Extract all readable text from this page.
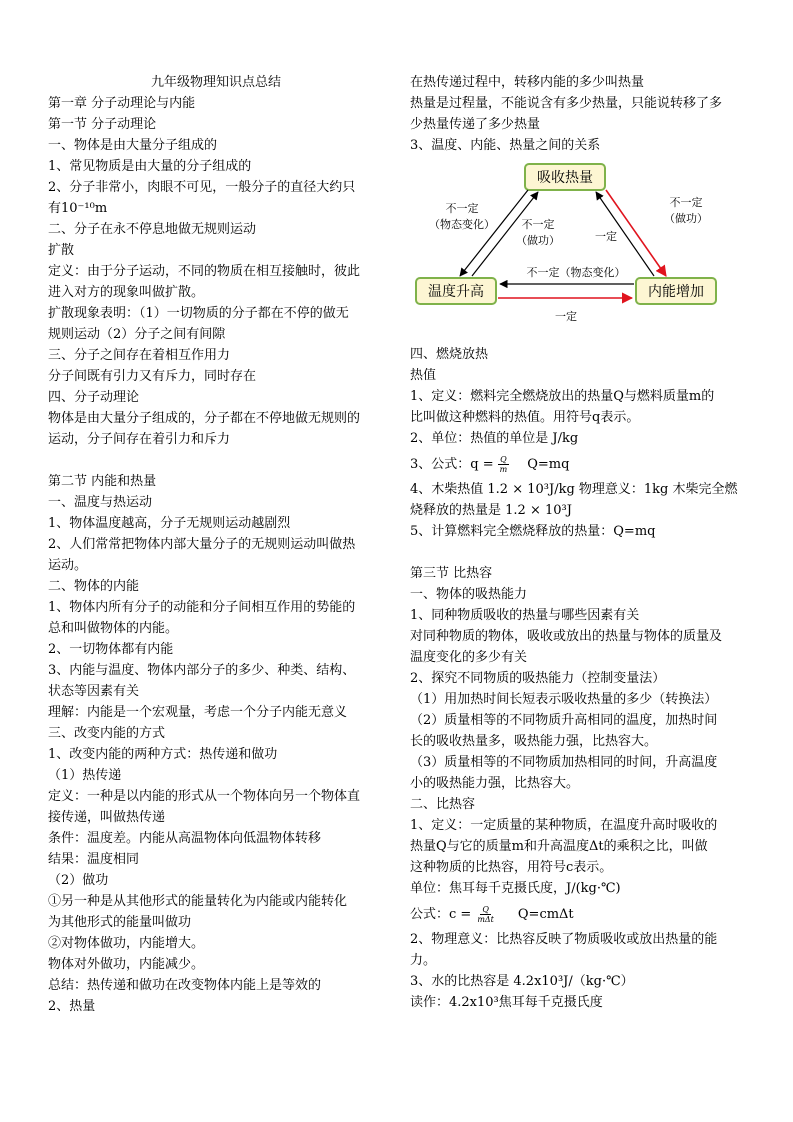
九年级物理知识点总结
第一章 分子动理论与内能
第一节 分子动理论
一、物体是由大量分子组成的
1、常见物质是由大量的分子组成的
2、分子非常小，肉眼不可见，一般分子的直径大约只
有10⁻¹⁰m
二、分子在永不停息地做无规则运动
扩散
定义：由于分子运动，不同的物质在相互接触时，彼此
进入对方的现象叫做扩散。
扩散现象表明：（1）一切物质的分子都在不停的做无
规则运动（2）分子之间有间隙
三、分子之间存在着相互作用力
分子间既有引力又有斥力，同时存在
四、分子动理论
物体是由大量分子组成的，分子都在不停地做无规则的
运动，分子间存在着引力和斥力
第二节 内能和热量
一、温度与热运动
1、物体温度越高，分子无规则运动越剧烈
2、人们常常把物体内部大量分子的无规则运动叫做热
运动。
二、物体的内能
1、物体内所有分子的动能和分子间相互作用的势能的
总和叫做物体的内能。
2、一切物体都有内能
3、内能与温度、物体内部分子的多少、种类、结构、
状态等因素有关
理解：内能是一个宏观量，考虑一个分子内能无意义
三、改变内能的方式
1、改变内能的两种方式：热传递和做功
（1）热传递
定义：一种是以内能的形式从一个物体向另一个物体直
接传递，叫做热传递
条件：温度差。内能从高温物体向低温物体转移
结果：温度相同
（2）做功
①另一种是从其他形式的能量转化为内能或内能转化
为其他形式的能量叫做功
②对物体做功，内能增大。
物体对外做功，内能减少。
总结：热传递和做功在改变物体内能上是等效的
2、热量
在热传递过程中，转移内能的多少叫热量
热量是过程量，不能说含有多少热量，只能说转移了多
少热量传递了多少热量
3、温度、内能、热量之间的关系
吸收热量
温度升高	内能增加
不一定
（物态变化） 不一定
（做功）
不一定
（做功）
一定
不一定（物态变化）
一定
四、燃烧放热
热值
1、定义：燃料完全燃烧放出的热量Q与燃料质量m的
比叫做这种燃料的热值。用符号q表示。
2、单位：热值的单位是 J/kg
3、公式：$q = \frac{Q}{m} Q=mq$
4、木柴热值 1.2 × 10³J/kg 物理意义：1kg 木柴完全燃
烧释放的热量是 1.2 × 10³J
5、计算燃料完全燃烧释放的热量：Q=mq
第三节 比热容
一、物体的吸热能力
1、同种物质吸收的热量与哪些因素有关
对同种物质的物体，吸收或放出的热量与物体的质量及
温度变化的多少有关
2、探究不同物质的吸热能力（控制变量法）
（1）用加热时间长短表示吸收热量的多少（转换法）
（2）质量相等的不同物质升高相同的温度，加热时间
长的吸收热量多，吸热能力强，比热容大。
（3）质量相等的不同物质加热相同的时间，升高温度
小的吸热能力强，比热容大。
二、比热容
1、定义：一定质量的某种物质，在温度升高时吸收的
热量Q与它的质量m和升高温度Δt的乘积之比，叫做
这种物质的比热容，用符号c表示。
单位：焦耳每千克摄氏度，J/(kg·℃)
公式：$c = \frac{Q}{\text{mΔt}} Q=cm\Delta t$
2、物理意义：比热容反映了物质吸收或放出热量的能
力。
3、水的比热容是 4.2x10³J/（kg·℃）
读作：4.2x10³焦耳每千克摄氏度
